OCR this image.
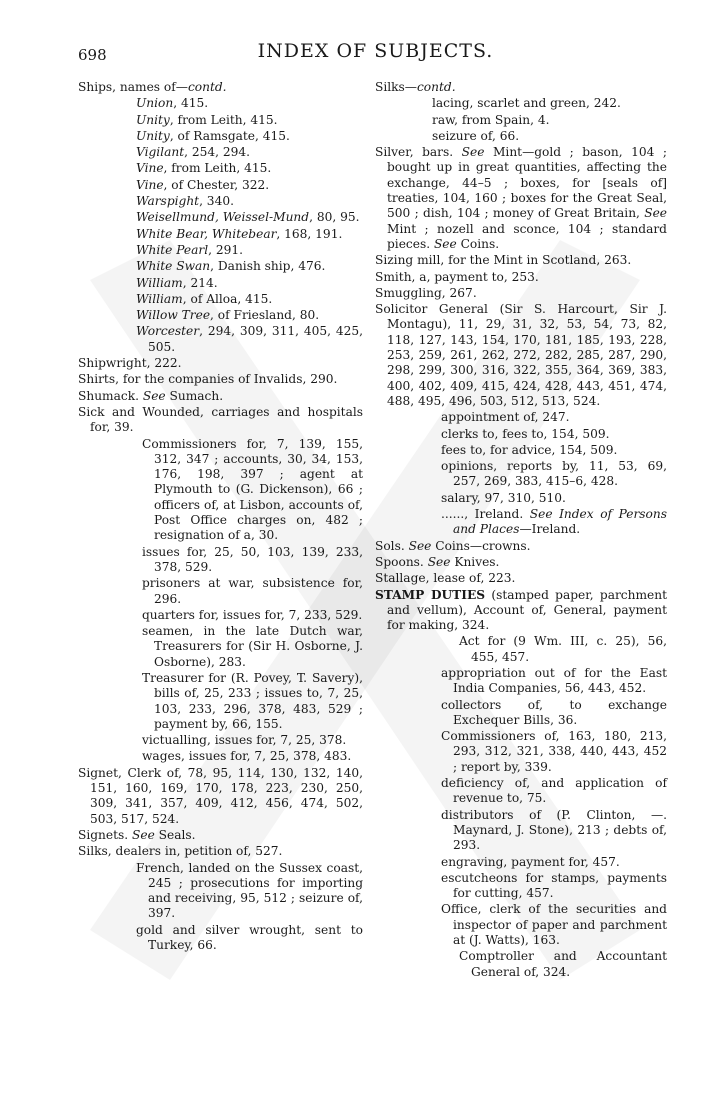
698	INDEX OF SUBJECTS.

Ships, names of—contd.

Union, 415.

Unity, from Leith, 415.

Unity, of Ramsgate, 415.

Vigilant, 254, 294.

Vine, from Leith, 415.

Vine, of Chester, 322.

Warspight, 340.

Weisellmund, Weissel-Mund, 80, 95.

White Bear, Whitebear, 168, 191.

White Pearl, 291.

White Swan, Danish ship, 476.

William, 214.

William, of Alloa, 415.

Willow Tree, of Friesland, 80.

Worcester, 294, 309, 311, 405, 425, 505.

Shipwright, 222.

Shirts, for the companies of Invalids, 290.

Shumack. See Sumach.

Sick and Wounded, carriages and hospitals for, 39.

Commissioners for, 7, 139, 155, 312, 347 ; accounts, 30, 34, 153, 176, 198, 397 ; agent at Plymouth to (G. Dickenson), 66 ; officers of, at Lisbon, accounts of, Post Office charges on, 482 ; resignation of a, 30.

issues for, 25, 50, 103, 139, 233, 378, 529.

prisoners at war, subsistence for, 296.

quarters for, issues for, 7, 233, 529.

seamen, in the late Dutch war, Treasurers for (Sir H. Osborne, J. Osborne), 283.

Treasurer for (R. Povey, T. Savery), bills of, 25, 233 ; issues to, 7, 25, 103, 233, 296, 378, 483, 529 ; payment by, 66, 155.

victualling, issues for, 7, 25, 378.

wages, issues for, 7, 25, 378, 483.

Signet, Clerk of, 78, 95, 114, 130, 132, 140, 151, 160, 169, 170, 178, 223, 230, 250, 309, 341, 357, 409, 412, 456, 474, 502, 503, 517, 524.

Signets. See Seals.

Silks, dealers in, petition of, 527.

French, landed on the Sussex coast, 245 ; prosecutions for importing and receiving, 95, 512 ; seizure of, 397.

gold and silver wrought, sent to Turkey, 66.

Silks—contd.

lacing, scarlet and green, 242.

raw, from Spain, 4.

seizure of, 66.

Silver, bars. See Mint—gold ; bason, 104 ; bought up in great quantities, affecting the exchange, 44–5 ; boxes, for [seals of] treaties, 104, 160 ; boxes for the Great Seal, 500 ; dish, 104 ; money of Great Britain, See Mint ; nozell and sconce, 104 ; standard pieces. See Coins.

Sizing mill, for the Mint in Scotland, 263.

Smith, a, payment to, 253.

Smuggling, 267.

Solicitor General (Sir S. Harcourt, Sir J. Montagu), 11, 29, 31, 32, 53, 54, 73, 82, 118, 127, 143, 154, 170, 181, 185, 193, 228, 253, 259, 261, 262, 272, 282, 285, 287, 290, 298, 299, 300, 316, 322, 355, 364, 369, 383, 400, 402, 409, 415, 424, 428, 443, 451, 474, 488, 495, 496, 503, 512, 513, 524.

appointment of, 247.

clerks to, fees to, 154, 509.

fees to, for advice, 154, 509.

opinions, reports by, 11, 53, 69, 257, 269, 383, 415–6, 428.

salary, 97, 310, 510.

......, Ireland. See Index of Persons and Places—Ireland.

Sols. See Coins—crowns.

Spoons. See Knives.

Stallage, lease of, 223.

STAMP DUTIES (stamped paper, parchment and vellum), Account of, General, payment for making, 324.

Act for (9 Wm. III, c. 25), 56, 455, 457.

appropriation out of for the East India Companies, 56, 443, 452.

collectors of, to exchange Exchequer Bills, 36.

Commissioners of, 163, 180, 213, 293, 312, 321, 338, 440, 443, 452 ; report by, 339.

deficiency of, and application of revenue to, 75.

distributors of (P. Clinton, —. Maynard, J. Stone), 213 ; debts of, 293.

engraving, payment for, 457.

escutcheons for stamps, payments for cutting, 457.

Office, clerk of the securities and inspector of paper and parchment at (J. Watts), 163.

Comptroller and Accountant General of, 324.
